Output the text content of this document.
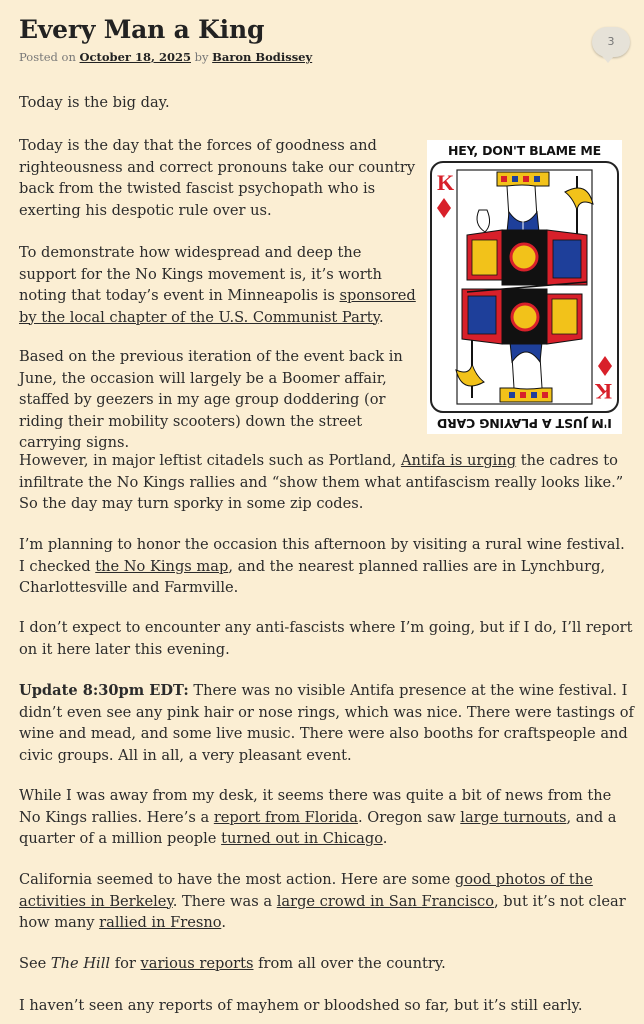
3
Every Man a King
Posted on October 18, 2025 by Baron Bodissey

Today is the big day.

Today is the day that the forces of goodness and righteousness and correct pronouns take our country back from the twisted fascist psychopath who is exerting his despotic rule over us.

To demonstrate how widespread and deep the support for the No Kings movement is, it’s worth noting that today’s event in Minneapolis is sponsored by the local chapter of the U.S. Communist Party.

Based on the previous iteration of the event back in June, the occasion will largely be a Boomer affair, staffed by geezers in my age group doddering (or riding their mobility scooters) down the street carrying signs.

However, in major leftist citadels such as Portland, Antifa is urging the cadres to infiltrate the No Kings rallies and “show them what antifascism really looks like.” So the day may turn sporky in some zip codes.

I’m planning to honor the occasion this afternoon by visiting a rural wine festival. I checked the No Kings map, and the nearest planned rallies are in Lynchburg, Charlottesville and Farmville.

I don’t expect to encounter any anti-fascists where I’m going, but if I do, I’ll report on it here later this evening.

Update 8:30pm EDT: There was no visible Antifa presence at the wine festival. I didn’t even see any pink hair or nose rings, which was nice. There were tastings of wine and mead, and some live music. There were also booths for craftspeople and civic groups. All in all, a very pleasant event.

While I was away from my desk, it seems there was quite a bit of news from the No Kings rallies. Here’s a report from Florida. Oregon saw large turnouts, and a quarter of a million people turned out in Chicago.

California seemed to have the most action. Here are some good photos of the activities in Berkeley. There was a large crowd in San Francisco, but it’s not clear how many rallied in Fresno.

See The Hill for various reports from all over the country.

I haven’t seen any reports of mayhem or bloodshed so far, but it’s still early.

HEY, DON'T BLAME ME
K
K
I'M JUST A PLAYING CARD
